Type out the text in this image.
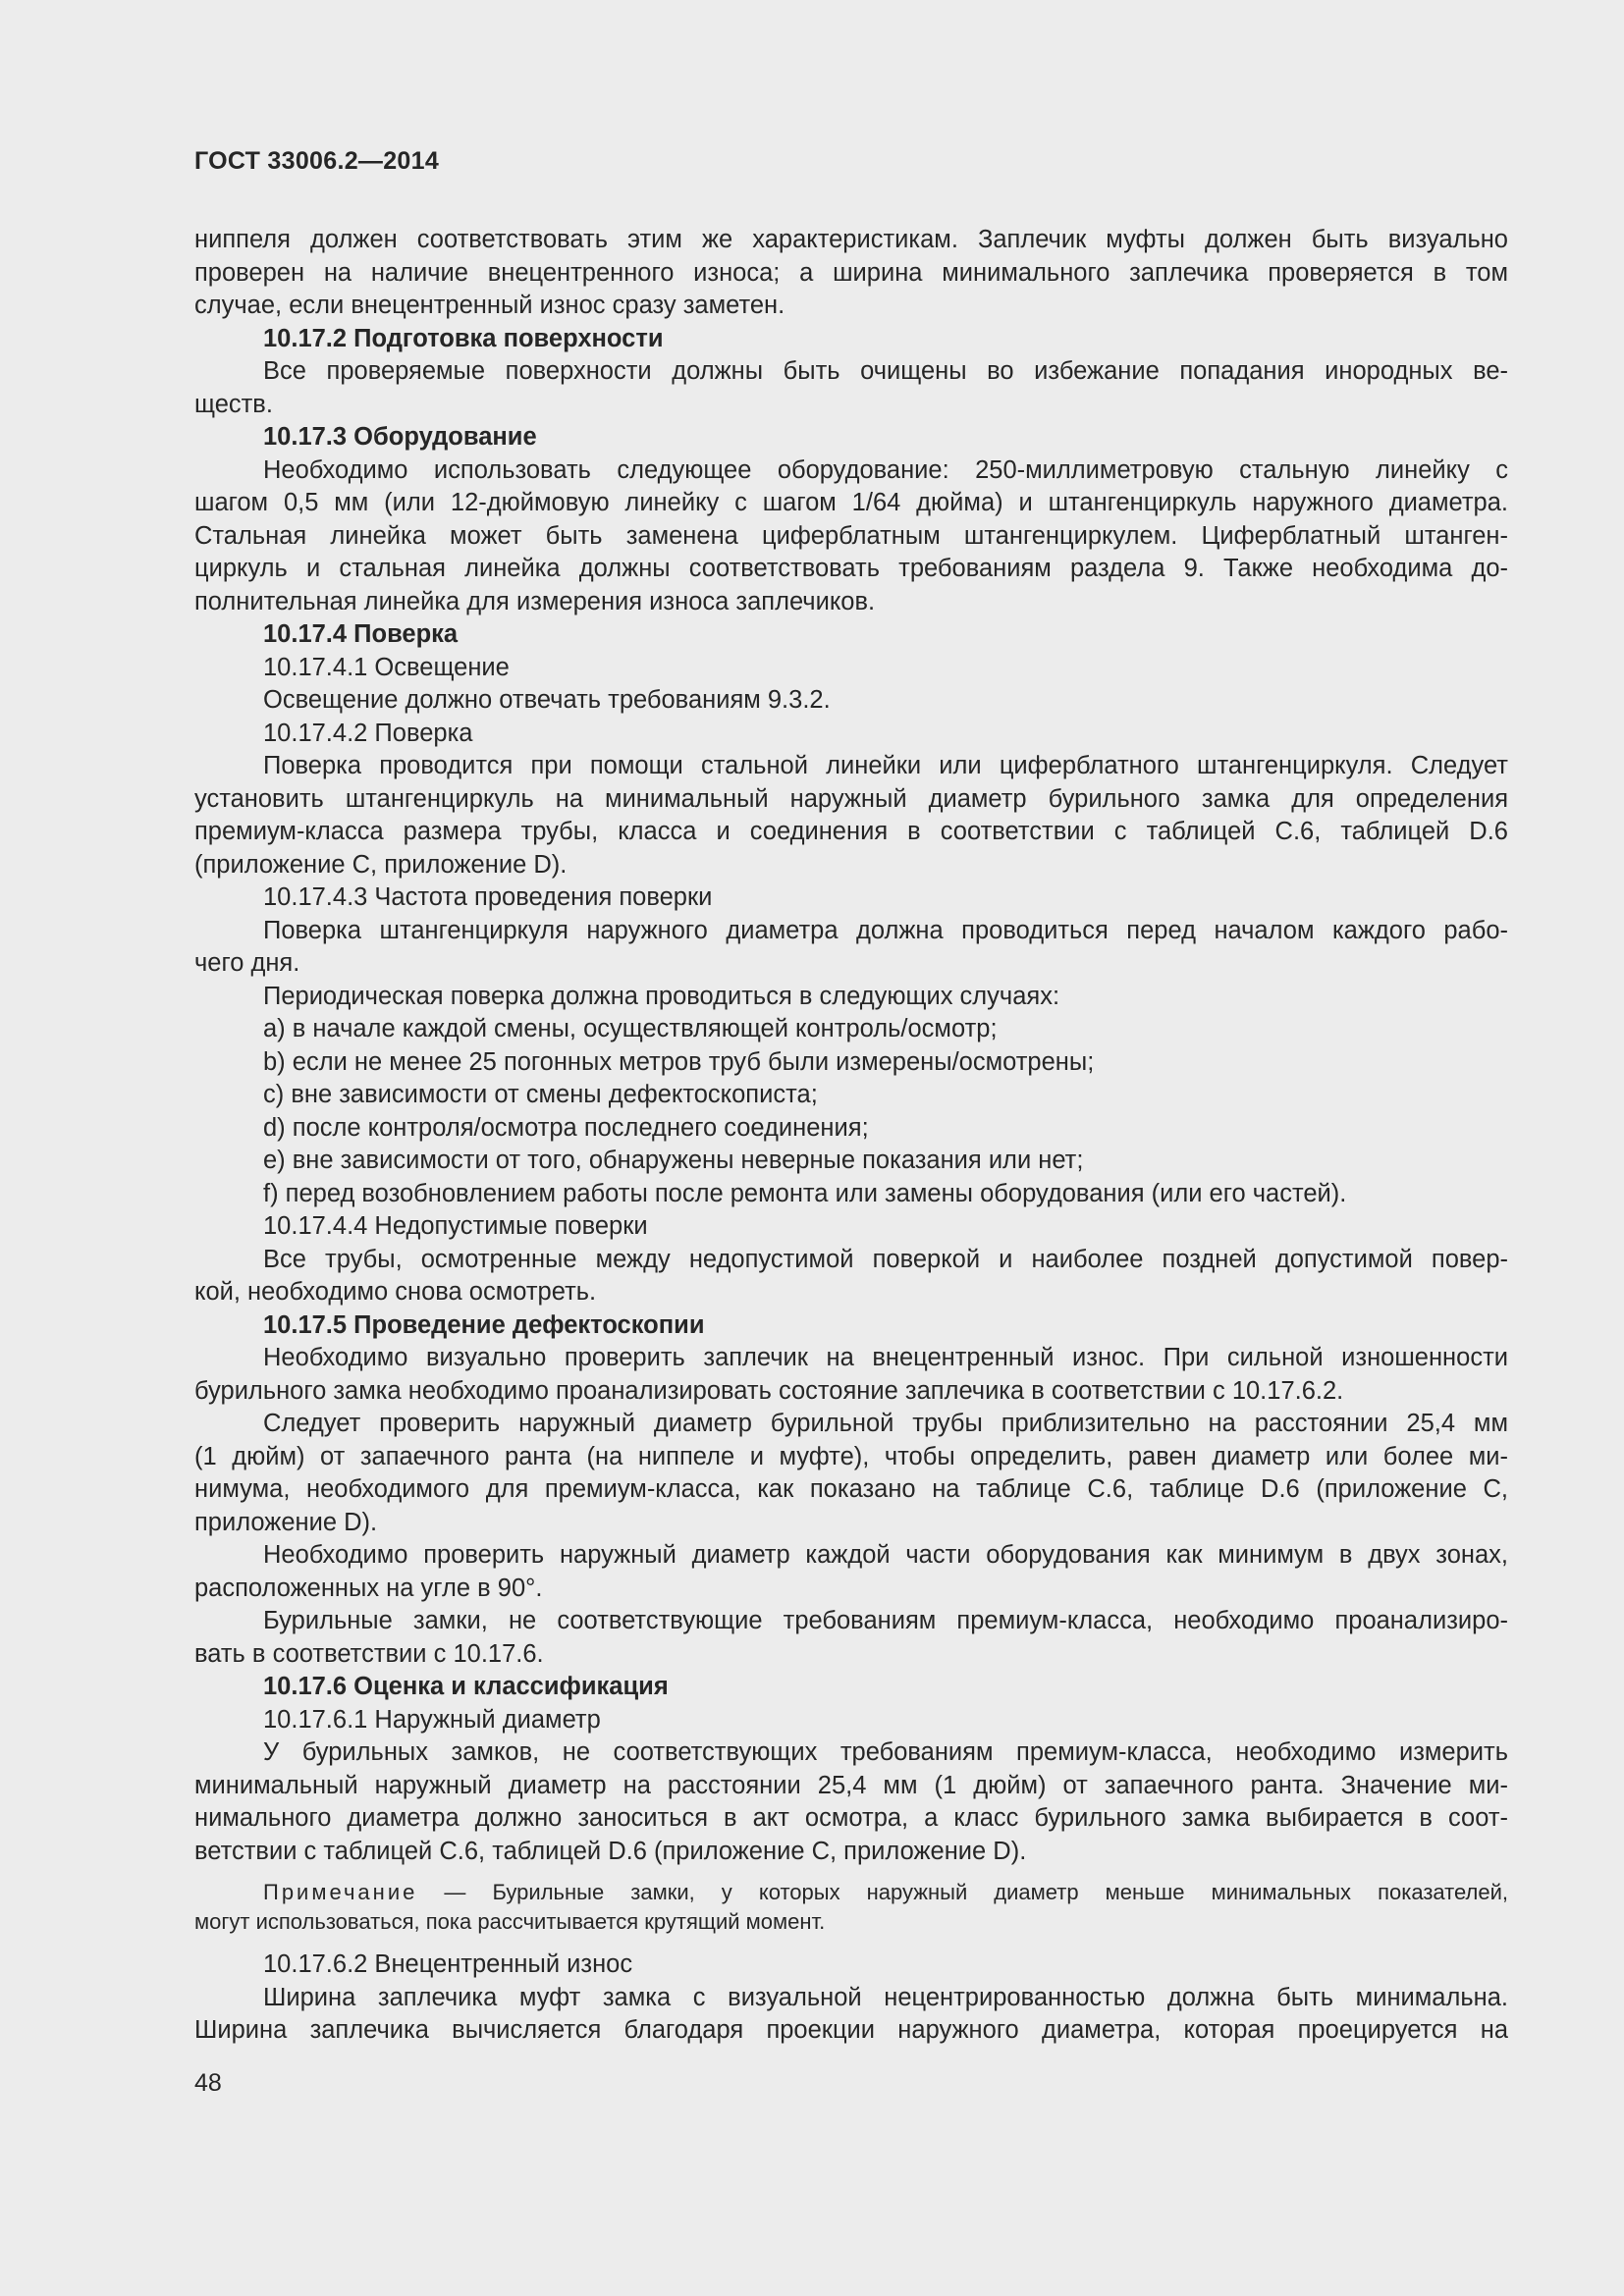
ГОСТ 33006.2—2014
ниппеля должен соответствовать этим же характеристикам. Заплечик муфты должен быть визуально
проверен на наличие внецентренного износа; а ширина минимального заплечика проверяется в том
случае, если внецентренный износ сразу заметен.
10.17.2 Подготовка поверхности
Все проверяемые поверхности должны быть очищены во избежание попадания инородных ве-
ществ.
10.17.3 Оборудование
Необходимо использовать следующее оборудование: 250-миллиметровую стальную линейку с
шагом 0,5 мм (или 12-дюймовую линейку с шагом 1/64 дюйма) и штангенциркуль наружного диаметра.
Стальная линейка может быть заменена циферблатным штангенциркулем. Циферблатный штанген-
циркуль и стальная линейка должны соответствовать требованиям раздела 9. Также необходима до-
полнительная линейка для измерения износа заплечиков.
10.17.4 Поверка
10.17.4.1 Освещение
Освещение должно отвечать требованиям 9.3.2.
10.17.4.2 Поверка
Поверка проводится при помощи стальной линейки или циферблатного штангенциркуля. Следует
установить штангенциркуль на минимальный наружный диаметр бурильного замка для определения
премиум-класса размера трубы, класса и соединения в соответствии с таблицей C.6, таблицей D.6
(приложение C, приложение D).
10.17.4.3 Частота проведения поверки
Поверка штангенциркуля наружного диаметра должна проводиться перед началом каждого рабо-
чего дня.
Периодическая поверка должна проводиться в следующих случаях:
a) в начале каждой смены, осуществляющей контроль/осмотр;
b) если не менее 25 погонных метров труб были измерены/осмотрены;
c) вне зависимости от смены дефектоскописта;
d) после контроля/осмотра последнего соединения;
e) вне зависимости от того, обнаружены неверные показания или нет;
f) перед возобновлением работы после ремонта или замены оборудования (или его частей).
10.17.4.4 Недопустимые поверки
Все трубы, осмотренные между недопустимой поверкой и наиболее поздней допустимой повер-
кой, необходимо снова осмотреть.
10.17.5 Проведение дефектоскопии
Необходимо визуально проверить заплечик на внецентренный износ. При сильной изношенности
бурильного замка необходимо проанализировать состояние заплечика в соответствии с 10.17.6.2.
Следует проверить наружный диаметр бурильной трубы приблизительно на расстоянии 25,4 мм
(1 дюйм) от запаечного ранта (на ниппеле и муфте), чтобы определить, равен диаметр или более ми-
нимума, необходимого для премиум-класса, как показано на таблице C.6, таблице D.6 (приложение C,
приложение D).
Необходимо проверить наружный диаметр каждой части оборудования как минимум в двух зонах,
расположенных на угле в 90°.
Бурильные замки, не соответствующие требованиям премиум-класса, необходимо проанализиро-
вать в соответствии с 10.17.6.
10.17.6 Оценка и классификация
10.17.6.1 Наружный диаметр
У бурильных замков, не соответствующих требованиям премиум-класса, необходимо измерить
минимальный наружный диаметр на расстоянии 25,4 мм (1 дюйм) от запаечного ранта. Значение ми-
нимального диаметра должно заноситься в акт осмотра, а класс бурильного замка выбирается в соот-
ветствии с таблицей C.6, таблицей D.6 (приложение C, приложение D).
Примечание — Бурильные замки, у которых наружный диаметр меньше минимальных показателей,
могут использоваться, пока рассчитывается крутящий момент.
10.17.6.2 Внецентренный износ
Ширина заплечика муфт замка с визуальной нецентрированностью должна быть минимальна.
Ширина заплечика вычисляется благодаря проекции наружного диаметра, которая проецируется на
48
